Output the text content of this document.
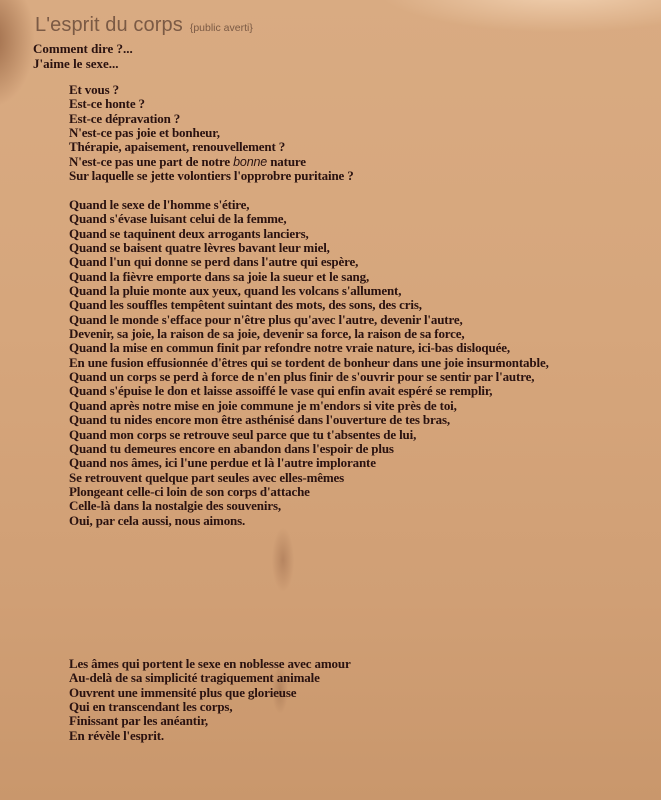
L'esprit du corps {public averti}
Comment dire ?...
J'aime le sexe...
Et vous ?
Est-ce honte ?
Est-ce dépravation ?
N'est-ce pas joie et bonheur,
Thérapie, apaisement, renouvellement ?
N'est-ce pas une part de notre bonne nature
Sur laquelle se jette volontiers l'opprobre puritaine ?
Quand le sexe de l'homme s'étire,
Quand s'évase luisant celui de la femme,
Quand se taquinent deux arrogants lanciers,
Quand se baisent quatre lèvres bavant leur miel,
Quand l'un qui donne se perd dans l'autre qui espère,
Quand la fièvre emporte dans sa joie la sueur et le sang,
Quand la pluie monte aux yeux, quand les volcans s'allument,
Quand les souffles tempêtent suintant des mots, des sons, des cris,
Quand le monde s'efface pour n'être plus qu'avec l'autre, devenir l'autre,
Devenir, sa joie, la raison de sa joie, devenir sa force, la raison de sa force,
Quand la mise en commun finit par refondre notre vraie nature, ici-bas disloquée,
En une fusion effusionnée d'êtres qui se tordent de bonheur dans une joie insurmontable,
Quand un corps se perd à force de n'en plus finir de s'ouvrir pour se sentir par l'autre,
Quand s'épuise le don et laisse assoiffé le vase qui enfin avait espéré se remplir,
Quand après notre mise en joie commune je m'endors si vite près de toi,
Quand tu nides encore mon être asthénisé dans l'ouverture de tes bras,
Quand mon corps se retrouve seul parce que tu t'absentes de lui,
Quand tu demeures encore en abandon dans l'espoir de plus
Quand nos âmes, ici l'une perdue et là l'autre implorante
Se retrouvent quelque part seules avec elles-mêmes
Plongeant celle-ci loin de son corps d'attache
Celle-là dans la nostalgie des souvenirs,
Oui, par cela aussi, nous aimons.
Les âmes qui portent le sexe en noblesse avec amour
Au-delà de sa simplicité tragiquement animale
Ouvrent une immensité plus que glorieuse
Qui en transcendant les corps,
Finissant par les anéantir,
En révèle l'esprit.
